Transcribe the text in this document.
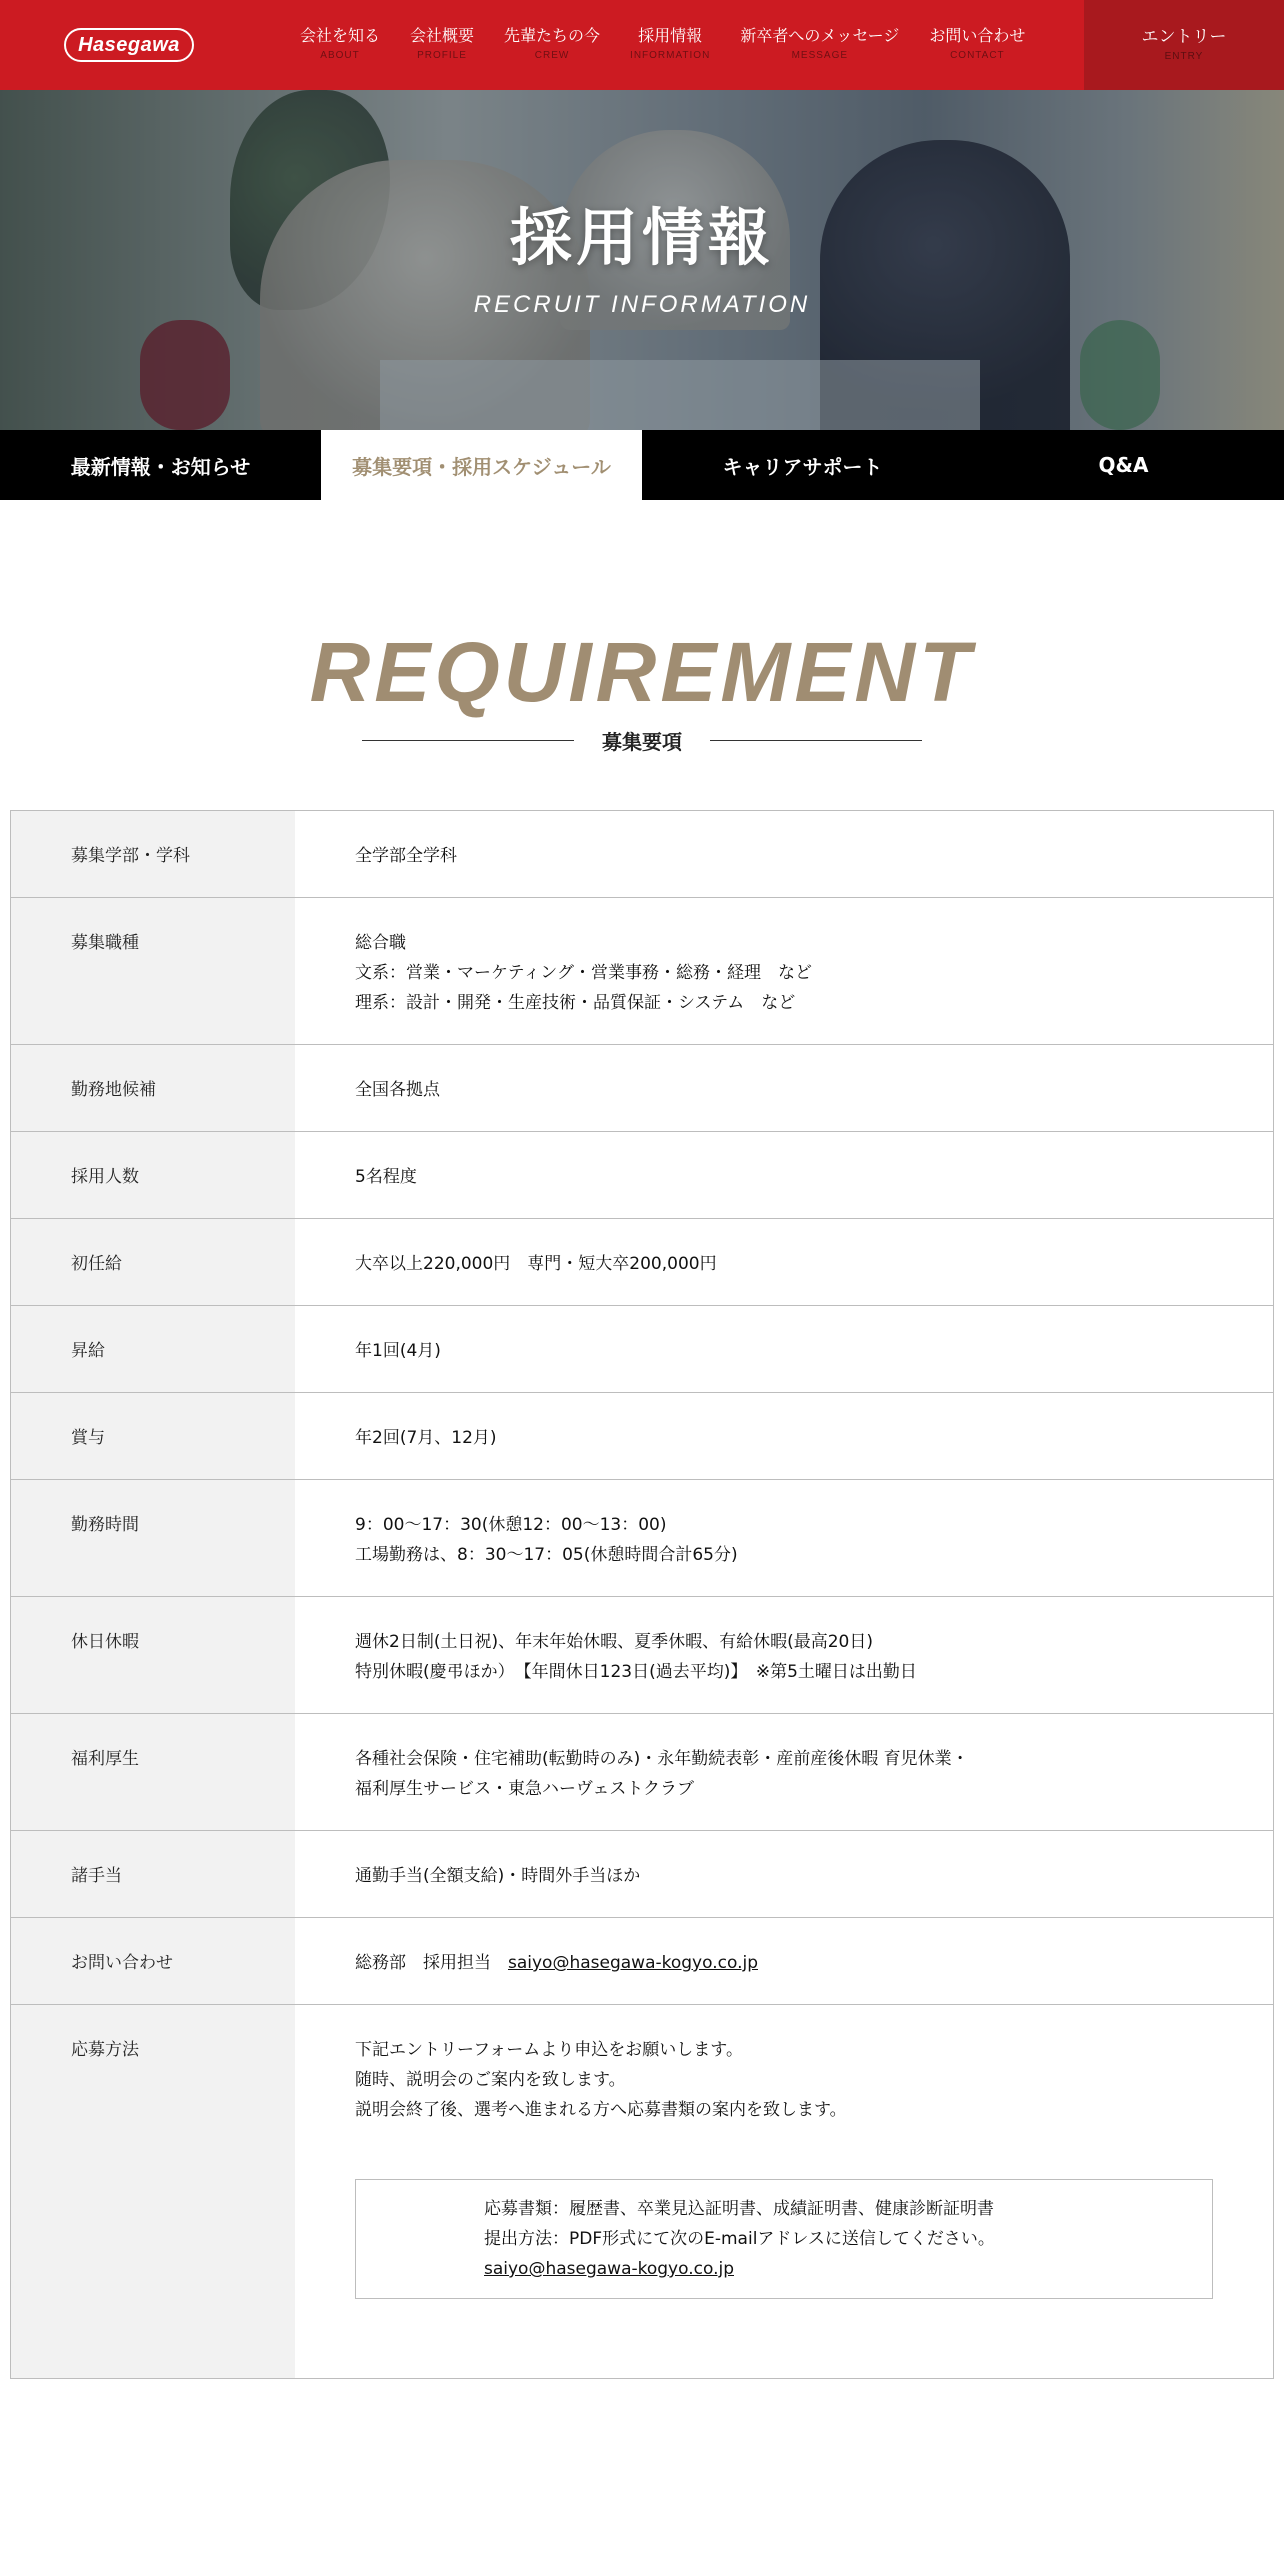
Hasegawa	会社を知る
ABOUT
会社概要
PROFILE
先輩たちの今
CREW
採用情報
INFORMATION
新卒者へのメッセージ
MESSAGE
お問い合わせ
CONTACT
エントリー
ENTRY
採用情報
RECRUIT INFORMATION
最新情報・お知らせ	募集要項・採用スケジュール	キャリアサポート	Q&A
REQUIREMENT
募集要項
募集学部・学科	全学部全学科
募集職種	総合職
文系：営業・マーケティング・営業事務・総務・経理　など
理系：設計・開発・生産技術・品質保証・システム　など
勤務地候補	全国各拠点
採用人数	5名程度
初任給	大卒以上220,000円　専門・短大卒200,000円
昇給	年1回(4月)
賞与	年2回(7月、12月)
勤務時間	9：00〜17：30(休憩12：00〜13：00)
工場勤務は、8：30〜17：05(休憩時間合計65分)
休日休暇	週休2日制(土日祝)、年末年始休暇、夏季休暇、有給休暇(最高20日)
特別休暇(慶弔ほか）　【年間休日123日(過去平均)】　※第5土曜日は出勤日
福利厚生	各種社会保険・住宅補助(転勤時のみ)・永年勤続表彰・産前産後休暇 育児休業・
福利厚生サービス・東急ハーヴェストクラブ
諸手当	通勤手当(全額支給)・時間外手当ほか
お問い合わせ	総務部　採用担当　saiyo@hasegawa-kogyo.co.jp
応募方法	下記エントリーフォームより申込をお願いします。
随時、説明会のご案内を致します。
説明会終了後、選考へ進まれる方へ応募書類の案内を致します。
応募書類：履歴書、卒業見込証明書、成績証明書、健康診断証明書
提出方法：PDF形式にて次のE-mailアドレスに送信してください。
saiyo@hasegawa-kogyo.co.jp
